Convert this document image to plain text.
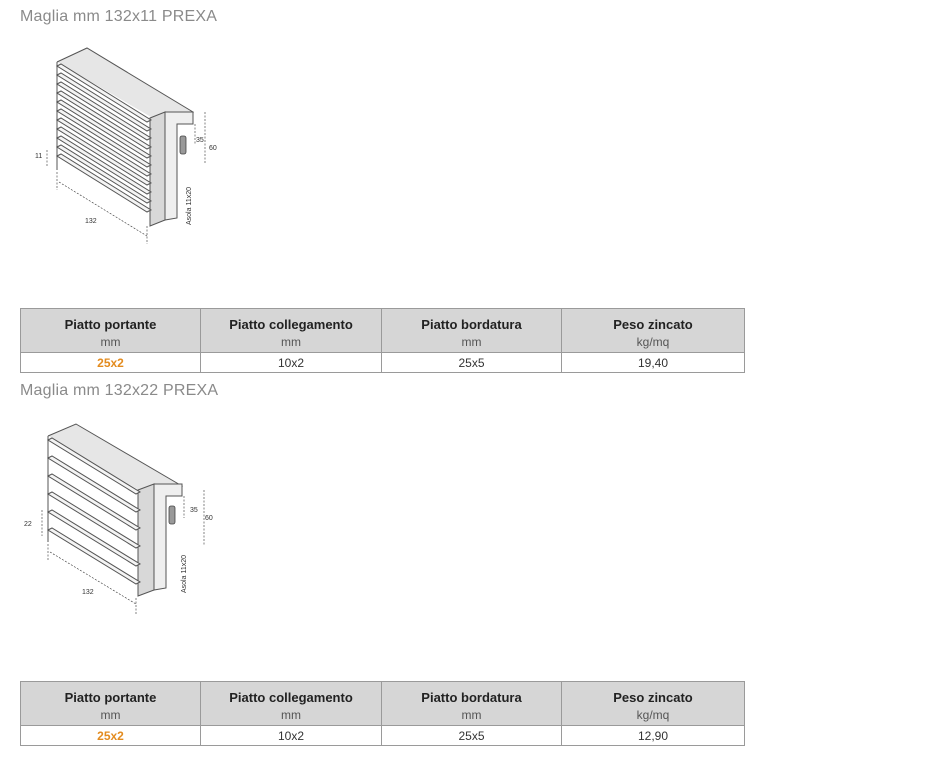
Maglia mm 132x11 PREXA
11
132
35
60
Asola 11x20
Piatto portante	Piatto collegamento	Piatto bordatura	Peso zincato
mm	mm	mm	kg/mq
25x2	10x2	25x5	19,40
Maglia mm 132x22 PREXA
22
132
35
60
Asola 11x20
Piatto portante	Piatto collegamento	Piatto bordatura	Peso zincato
mm	mm	mm	kg/mq
25x2	10x2	25x5	12,90
